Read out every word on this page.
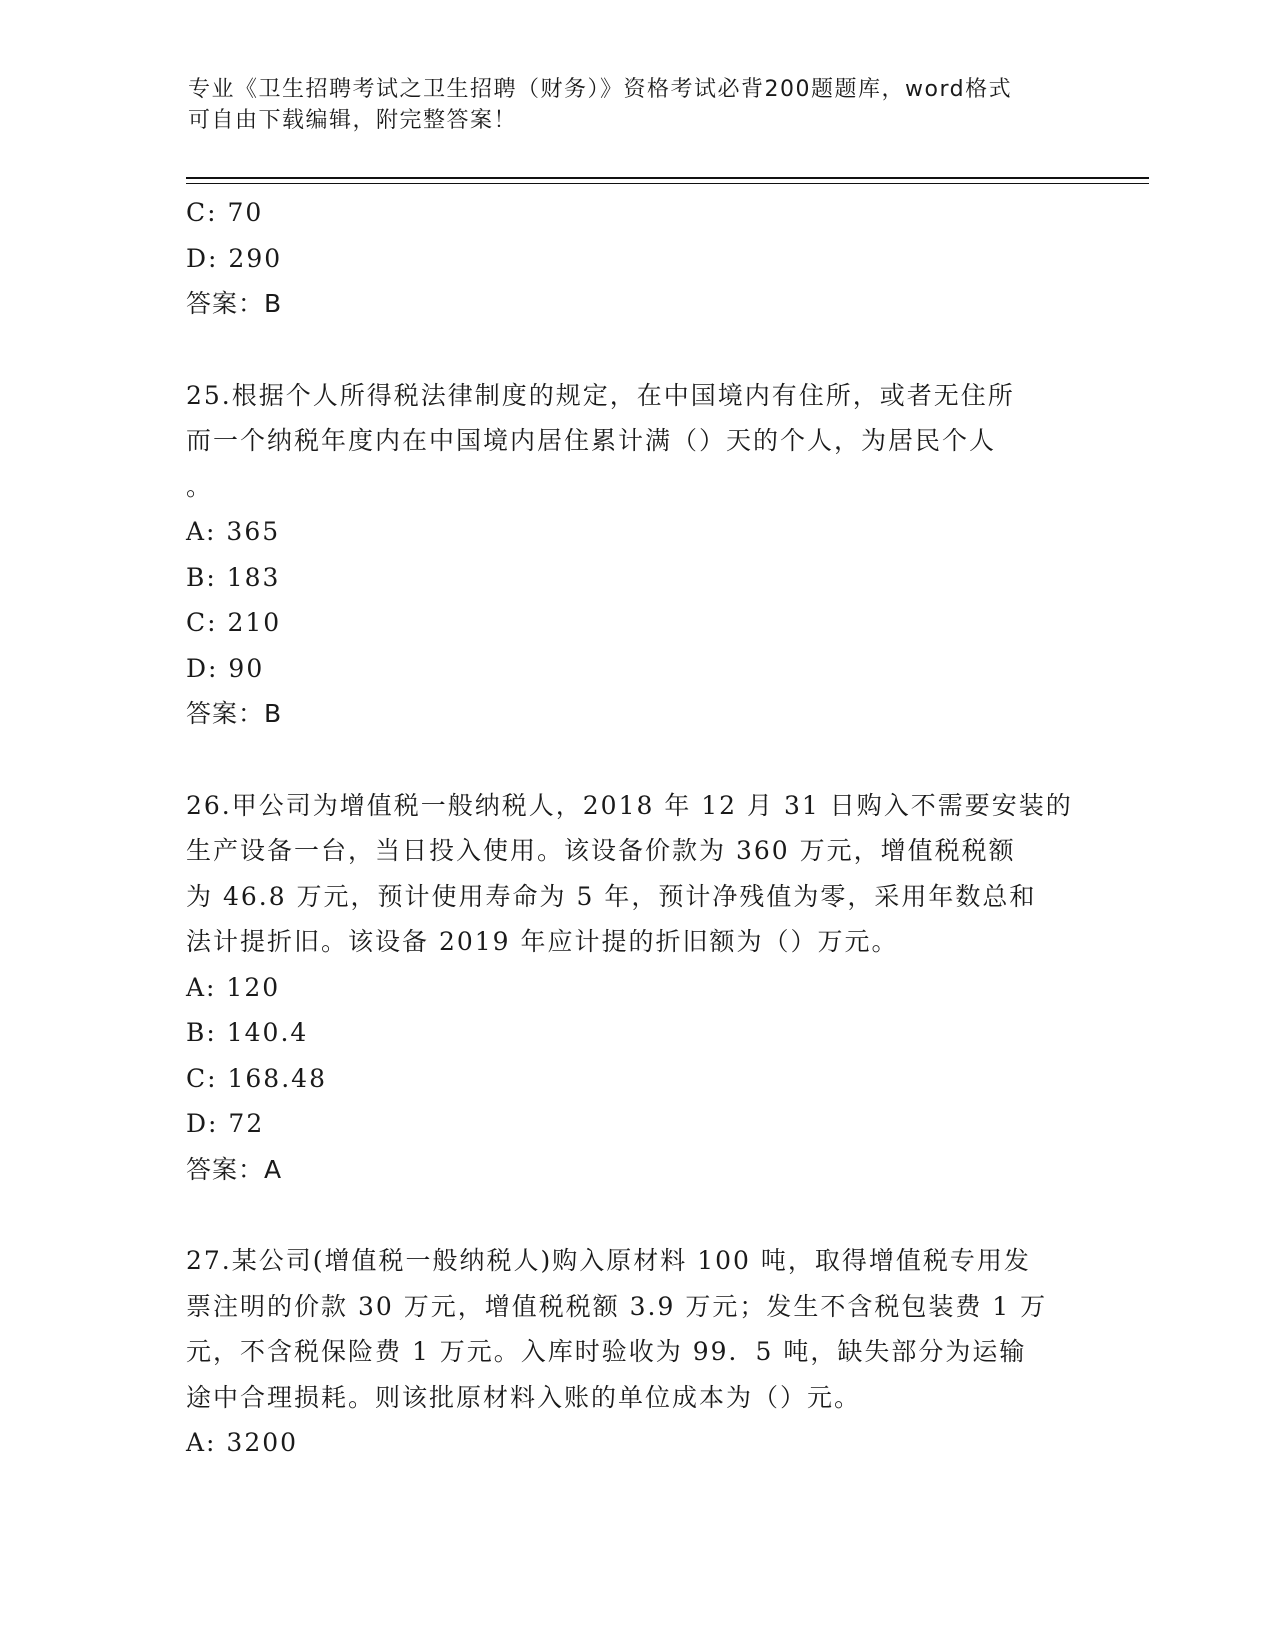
专业《卫生招聘考试之卫生招聘（财务）》资格考试必背200题题库，word格式
可自由下载编辑，附完整答案！
C: 70
D: 290
答案：B
25.根据个人所得税法律制度的规定，在中国境内有住所，或者无住所
而一个纳税年度内在中国境内居住累计满（）天的个人，为居民个人
。
A: 365
B: 183
C: 210
D: 90
答案：B
26.甲公司为增值税一般纳税人，2018 年 12 月 31 日购入不需要安装的
生产设备一台，当日投入使用。该设备价款为 360 万元，增值税税额
为 46.8 万元，预计使用寿命为 5 年，预计净残值为零，采用年数总和
法计提折旧。该设备 2019 年应计提的折旧额为（）万元。
A: 120
B: 140.4
C: 168.48
D: 72
答案：A
27.某公司(增值税一般纳税人)购入原材料 100 吨，取得增值税专用发
票注明的价款 30 万元，增值税税额 3.9 万元；发生不含税包装费 1 万
元，不含税保险费 1 万元。入库时验收为 99．5 吨，缺失部分为运输
途中合理损耗。则该批原材料入账的单位成本为（）元。
A: 3200
